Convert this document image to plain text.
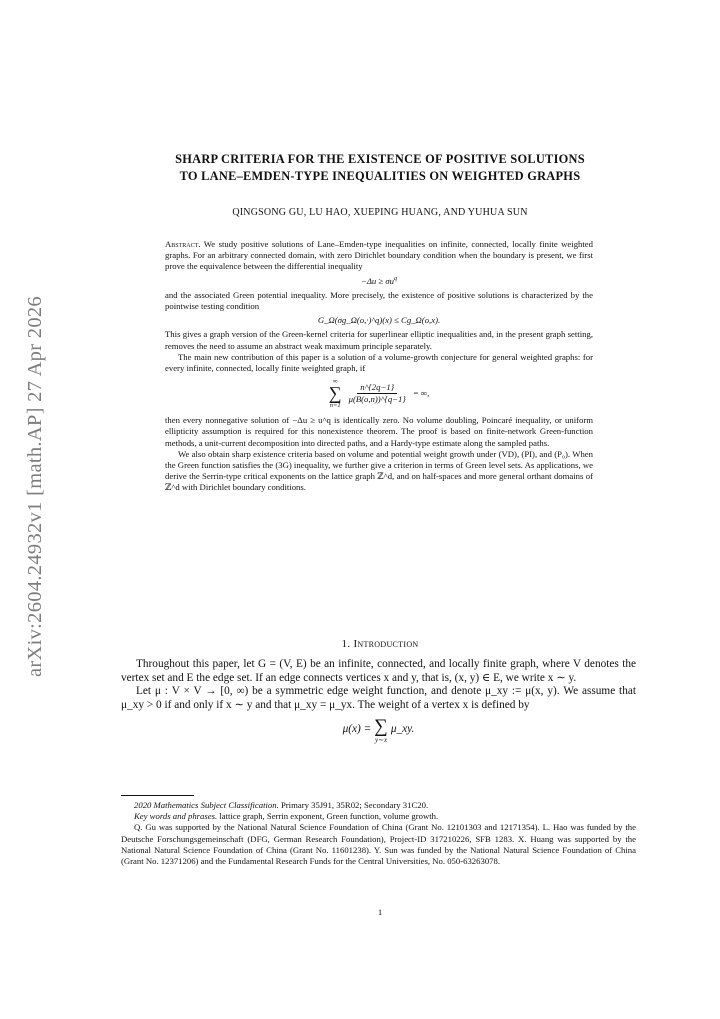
arXiv:2604.24932v1 [math.AP] 27 Apr 2026
SHARP CRITERIA FOR THE EXISTENCE OF POSITIVE SOLUTIONS
TO LANE–EMDEN-TYPE INEQUALITIES ON WEIGHTED GRAPHS
QINGSONG GU, LU HAO, XUEPING HUANG, AND YUHUA SUN

Abstract. We study positive solutions of Lane–Emden-type inequalities on infinite, connected, locally finite weighted graphs. For an arbitrary connected domain, with zero Dirichlet boundary condition when the boundary is present, we first prove the equivalence between the differential inequality

$-\Delta u \ge \sigma u^q$

and the associated Green potential inequality. More precisely, the existence of positive solutions is characterized by the pointwise testing condition

G_Ω(σg_Ω(o,·)^q)(x) ≤ Cg_Ω(o,x).

This gives a graph version of the Green-kernel criteria for superlinear elliptic inequalities and, in the present graph setting, removes the need to assume an abstract weak maximum principle separately.

The main new contribution of this paper is a solution of a volume-growth conjecture for general weighted graphs: for every infinite, connected, locally finite weighted graph, if

∞
∑
n=1
$\frac{n\^{}\{2q-1\}}{\mu(B(o,n))\^{}\{q-1\}}$ = ∞,

then every nonnegative solution of −Δu ≥ u^q is identically zero. No volume doubling, Poincaré inequality, or uniform ellipticity assumption is required for this nonexistence theorem. The proof is based on finite-network Green-function methods, a unit-current decomposition into directed paths, and a Hardy-type estimate along the sampled paths.

We also obtain sharp existence criteria based on volume and potential weight growth under (VD), (PI), and (P₀). When the Green function satisfies the (3G) inequality, we further give a criterion in terms of Green level sets. As applications, we derive the Serrin-type critical exponents on the lattice graph ℤ^d, and on half-spaces and more general orthant domains of ℤ^d with Dirichlet boundary conditions.

1. Introduction

Throughout this paper, let G = (V, E) be an infinite, connected, and locally finite graph, where V denotes the vertex set and E the edge set. If an edge connects vertices x and y, that is, (x, y) ∈ E, we write x ∼ y.

Let μ : V × V → [0, ∞) be a symmetric edge weight function, and denote μ_xy := μ(x, y). We assume that μ_xy > 0 if and only if x ∼ y and that μ_xy = μ_yx. The weight of a vertex x is defined by

μ(x) = ∑
y∼x
μ_xy.

2020 Mathematics Subject Classification. Primary 35J91, 35R02; Secondary 31C20.

Key words and phrases. lattice graph, Serrin exponent, Green function, volume growth.

Q. Gu was supported by the National Natural Science Foundation of China (Grant No. 12101303 and 12171354). L. Hao was funded by the Deutsche Forschungsgemeinschaft (DFG, German Research Foundation), Project-ID 317210226, SFB 1283. X. Huang was supported by the National Natural Science Foundation of China (Grant No. 11601238). Y. Sun was funded by the National Natural Science Foundation of China (Grant No. 12371206) and the Fundamental Research Funds for the Central Universities, No. 050-63263078.

1
